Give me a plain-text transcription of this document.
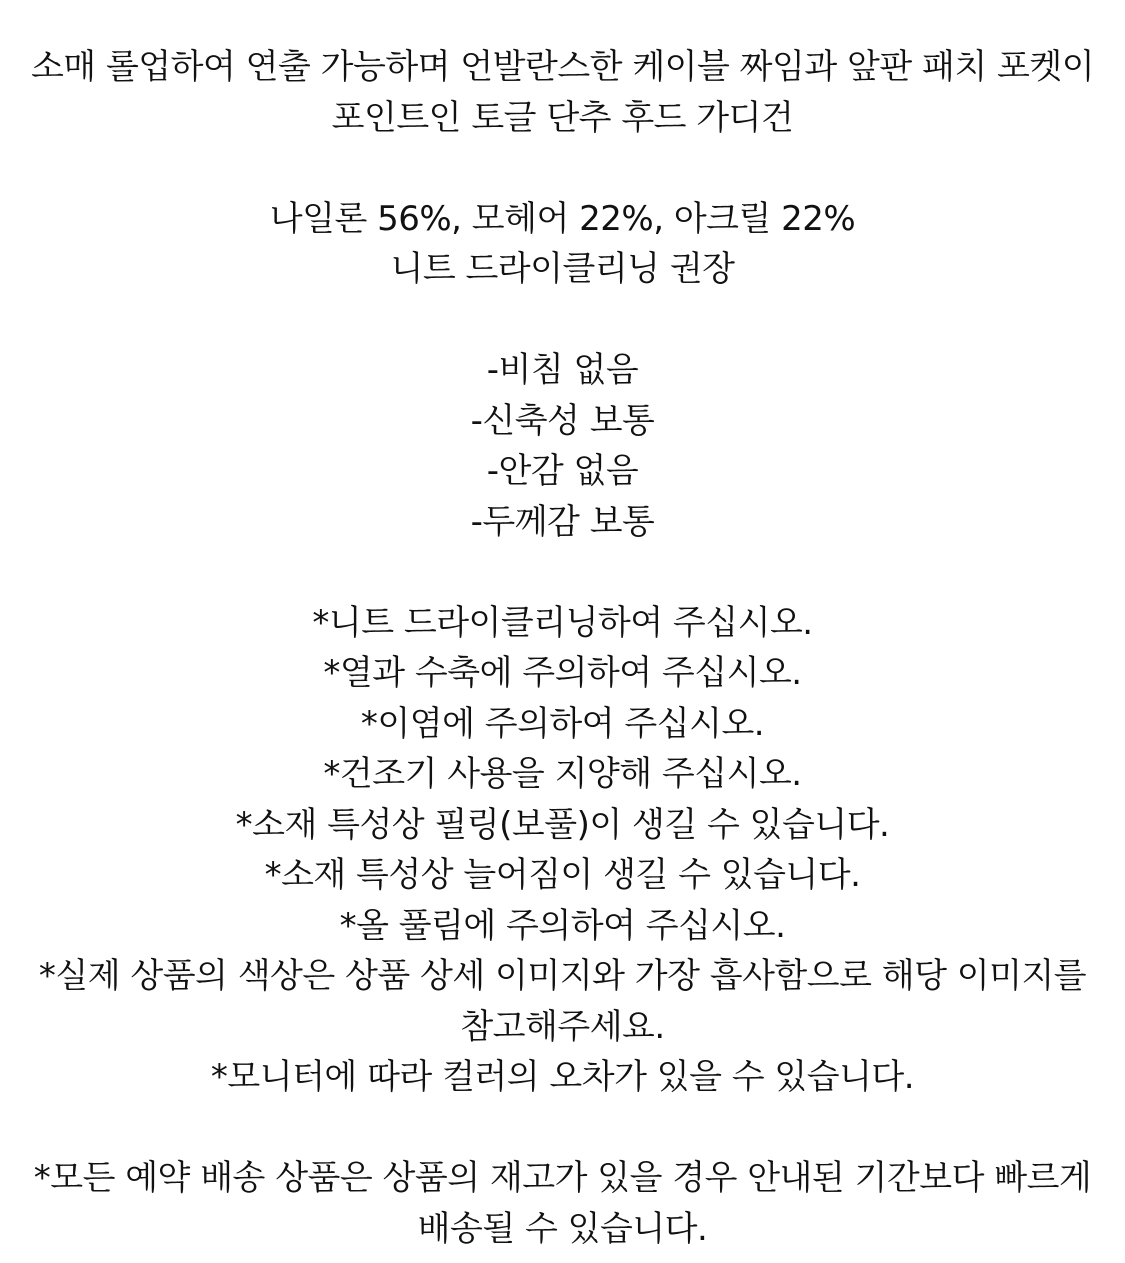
소매 롤업하여 연출 가능하며 언발란스한 케이블 짜임과 앞판 패치 포켓이
포인트인 토글 단추 후드 가디건
나일론 56%, 모헤어 22%, 아크릴 22%
니트 드라이클리닝 권장
-비침 없음
-신축성 보통
-안감 없음
-두께감 보통
*니트 드라이클리닝하여 주십시오.
*열과 수축에 주의하여 주십시오.
*이염에 주의하여 주십시오.
*건조기 사용을 지양해 주십시오.
*소재 특성상 필링(보풀)이 생길 수 있습니다.
*소재 특성상 늘어짐이 생길 수 있습니다.
*올 풀림에 주의하여 주십시오.
*실제 상품의 색상은 상품 상세 이미지와 가장 흡사함으로 해당 이미지를
참고해주세요.
*모니터에 따라 컬러의 오차가 있을 수 있습니다.
*모든 예약 배송 상품은 상품의 재고가 있을 경우 안내된 기간보다 빠르게
배송될 수 있습니다.
